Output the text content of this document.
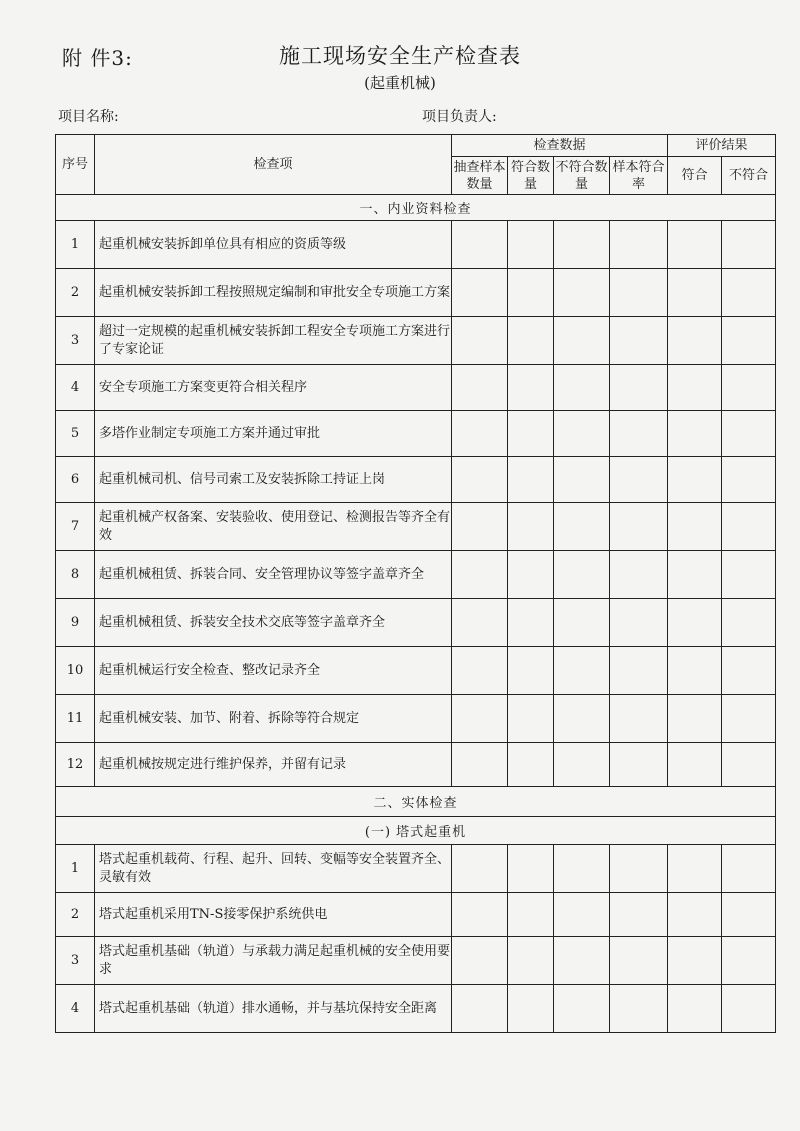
附 件3:	施工现场安全生产检查表
(起重机械)
项目名称:	项目负责人:
序号	检查项	检查数据				评价结果	
		抽查样本数量	符合数量	不符合数量	样本符合率	符合	不符合
一、内业资料检查							
1	起重机械安装拆卸单位具有相应的资质等级						
2	起重机械安装拆卸工程按照规定编制和审批安全专项施工方案						
3	超过一定规模的起重机械安装拆卸工程安全专项施工方案进行了专家论证						
4	安全专项施工方案变更符合相关程序						
5	多塔作业制定专项施工方案并通过审批						
6	起重机械司机、信号司索工及安装拆除工持证上岗						
7	起重机械产权备案、安装验收、使用登记、检测报告等齐全有效						
8	起重机械租赁、拆装合同、安全管理协议等签字盖章齐全						
9	起重机械租赁、拆装安全技术交底等签字盖章齐全						
10	起重机械运行安全检查、整改记录齐全						
11	起重机械安装、加节、附着、拆除等符合规定						
12	起重机械按规定进行维护保养，并留有记录						
二、实体检查							
(一) 塔式起重机							
1	塔式起重机载荷、行程、起升、回转、变幅等安全装置齐全、灵敏有效						
2	塔式起重机采用TN-S接零保护系统供电						
3	塔式起重机基础（轨道）与承载力满足起重机械的安全使用要求						
4	塔式起重机基础（轨道）排水通畅，并与基坑保持安全距离						
